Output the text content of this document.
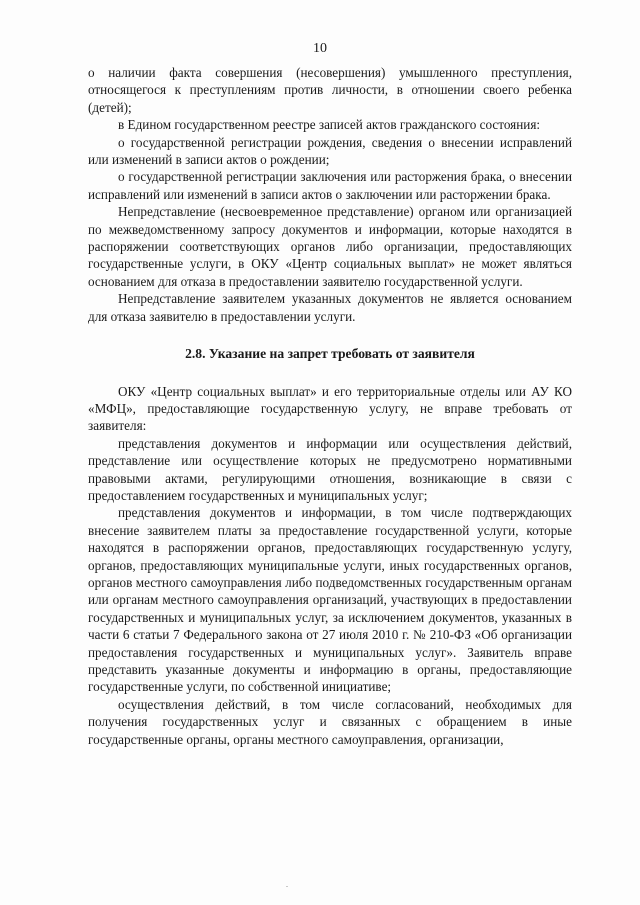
10

о наличии факта совершения (несовершения) умышленного преступления, относящегося к преступлениям против личности, в отношении своего ребенка (детей);

в Едином государственном реестре записей актов гражданского состояния:

о государственной регистрации рождения, сведения о внесении исправлений или изменений в записи актов о рождении;

о государственной регистрации заключения или расторжения брака, о внесении исправлений или изменений в записи актов о заключении или расторжении брака.

Непредставление (несвоевременное представление) органом или организацией по межведомственному запросу документов и информации, которые находятся в распоряжении соответствующих органов либо организации, предоставляющих государственные услуги, в ОКУ «Центр социальных выплат» не может являться основанием для отказа в предоставлении заявителю государственной услуги.

Непредставление заявителем указанных документов не является основанием для отказа заявителю в предоставлении услуги.

2.8. Указание на запрет требовать от заявителя

ОКУ «Центр социальных выплат» и его территориальные отделы или АУ КО «МФЦ», предоставляющие государственную услугу, не вправе требовать от заявителя:

представления документов и информации или осуществления действий, представление или осуществление которых не предусмотрено нормативными правовыми актами, регулирующими отношения, возникающие в связи с предоставлением государственных и муниципальных услуг;

представления документов и информации, в том числе подтверждающих внесение заявителем платы за предоставление государственной услуги, которые находятся в распоряжении органов, предоставляющих государственную услугу, органов, предоставляющих муниципальные услуги, иных государственных органов, органов местного самоуправления либо подведомственных государственным органам или органам местного самоуправления организаций, участвующих в предоставлении государственных и муниципальных услуг, за исключением документов, указанных в части 6 статьи 7 Федерального закона от 27 июля 2010 г. № 210-ФЗ «Об организации предоставления государственных и муниципальных услуг». Заявитель вправе представить указанные документы и информацию в органы, предоставляющие государственные услуги, по собственной инициативе;

осуществления действий, в том числе согласований, необходимых для получения государственных услуг и связанных с обращением в иные государственные органы, органы местного самоуправления, организации,
